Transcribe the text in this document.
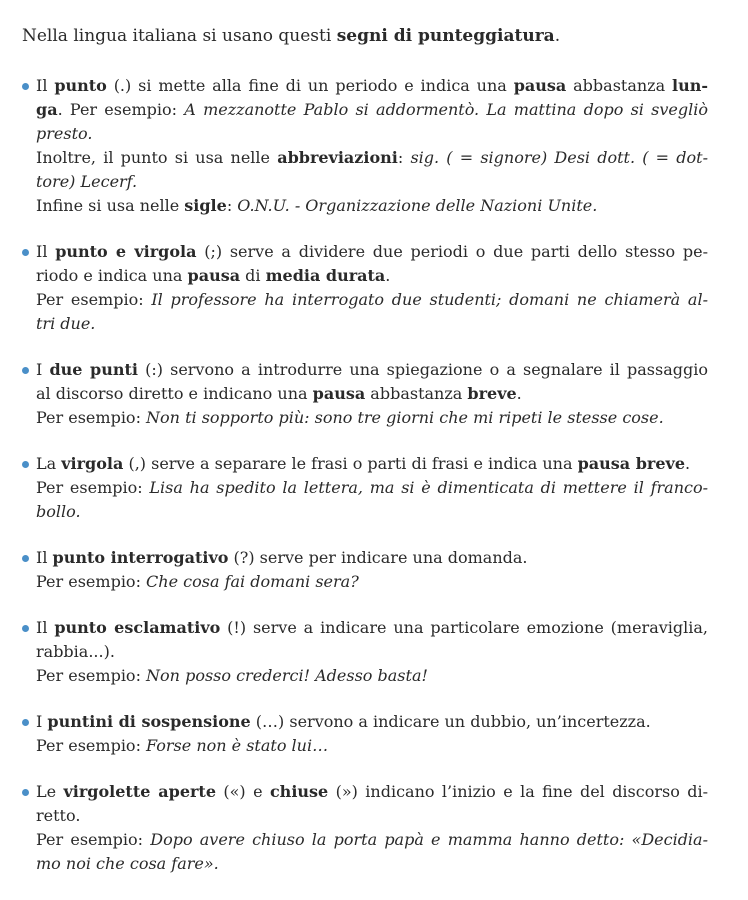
Nella lingua italiana si usano questi segni di punteggiatura.

Il punto (.) si mette alla fine di un periodo e indica una pausa abbastanza lun-
ga. Per esempio: A mezzanotte Pablo si addormentò. La mattina dopo si svegliò
presto.
Inoltre, il punto si usa nelle abbreviazioni: sig. ( = signore) Desi dott. ( = dot-
tore) Lecerf.
Infine si usa nelle sigle: O.N.U. - Organizzazione delle Nazioni Unite.
Il punto e virgola (;) serve a dividere due periodi o due parti dello stesso pe-
riodo e indica una pausa di media durata.
Per esempio: Il professore ha interrogato due studenti; domani ne chiamerà al-
tri due.
I due punti (:) servono a introdurre una spiegazione o a segnalare il passaggio
al discorso diretto e indicano una pausa abbastanza breve.
Per esempio: Non ti sopporto più: sono tre giorni che mi ripeti le stesse cose.
La virgola (,) serve a separare le frasi o parti di frasi e indica una pausa breve.
Per esempio: Lisa ha spedito la lettera, ma si è dimenticata di mettere il franco-
bollo.
Il punto interrogativo (?) serve per indicare una domanda.
Per esempio: Che cosa fai domani sera?
Il punto esclamativo (!) serve a indicare una particolare emozione (meraviglia,
rabbia...).
Per esempio: Non posso crederci! Adesso basta!
I puntini di sospensione (…) servono a indicare un dubbio, un’incertezza.
Per esempio: Forse non è stato lui…
Le virgolette aperte («) e chiuse (») indicano l’inizio e la fine del discorso di-
retto.
Per esempio: Dopo avere chiuso la porta papà e mamma hanno detto: «Decidia-
mo noi che cosa fare».
